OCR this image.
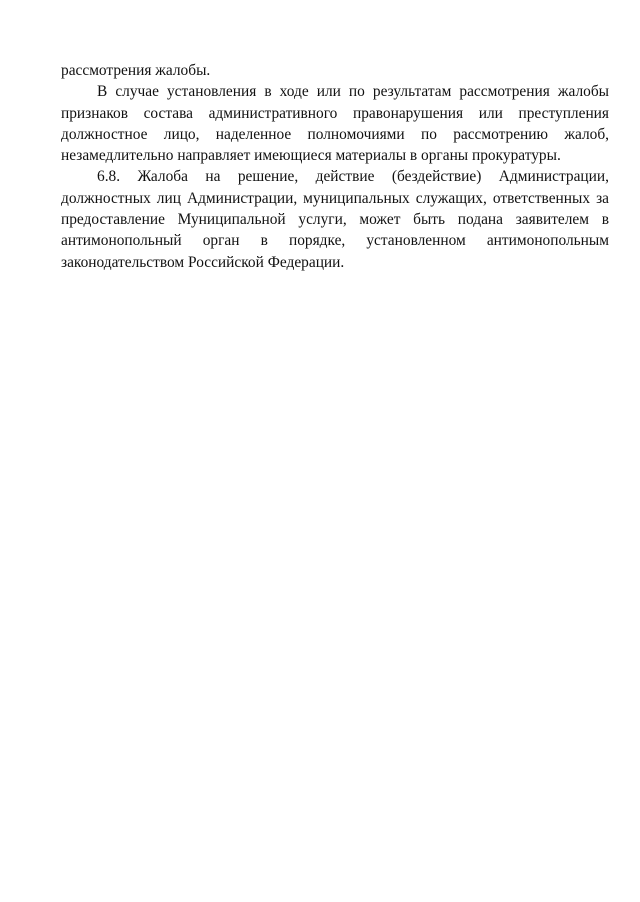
рассмотрения жалобы.
В случае установления в ходе или по результатам рассмотрения жалобы
признаков состава административного правонарушения или преступления
должностное лицо, наделенное полномочиями по рассмотрению жалоб,
незамедлительно направляет имеющиеся материалы в органы прокуратуры.
6.8. Жалоба на решение, действие (бездействие) Администрации,
должностных лиц Администрации, муниципальных служащих, ответственных за
предоставление Муниципальной услуги, может быть подана заявителем в
антимонопольный орган в порядке, установленном антимонопольным
законодательством Российской Федерации.
